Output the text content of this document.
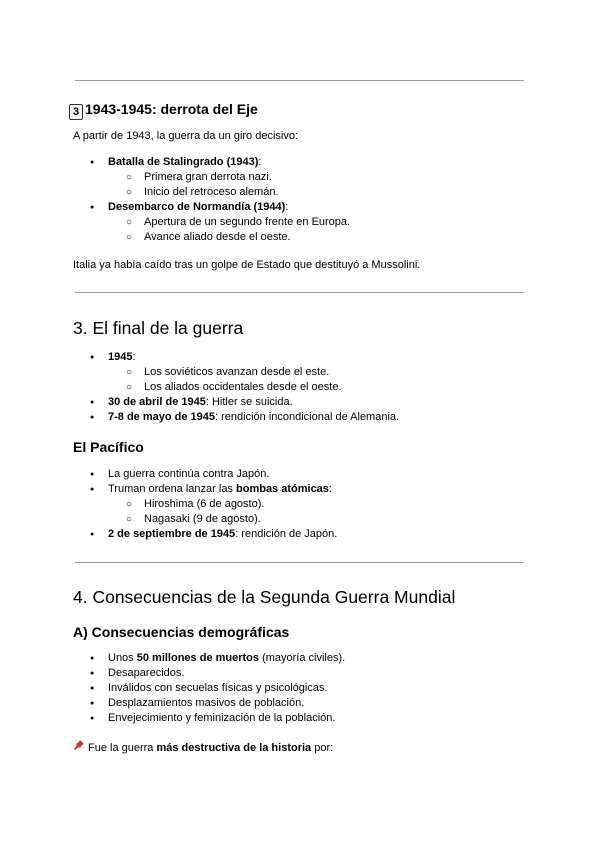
3 1943-1945: derrota del Eje
A partir de 1943, la guerra da un giro decisivo:
● Batalla de Stalingrado (1943):
○ Primera gran derrota nazi.
○ Inicio del retroceso alemán.
● Desembarco de Normandía (1944):
○ Apertura de un segundo frente en Europa.
○ Avance aliado desde el oeste.
Italia ya había caído tras un golpe de Estado que destituyó a Mussolini.
3. El final de la guerra
● 1945:
○ Los soviéticos avanzan desde el este.
○ Los aliados occidentales desde el oeste.
● 30 de abril de 1945: Hitler se suicida.
● 7-8 de mayo de 1945: rendición incondicional de Alemania.
El Pacífico
● La guerra continúa contra Japón.
● Truman ordena lanzar las bombas atómicas:
○ Hiroshima (6 de agosto).
○ Nagasaki (9 de agosto).
● 2 de septiembre de 1945: rendición de Japón.
4. Consecuencias de la Segunda Guerra Mundial
A) Consecuencias demográficas
● Unos 50 millones de muertos (mayoría civiles).
● Desaparecidos.
● Inválidos con secuelas físicas y psicológicas.
● Desplazamientos masivos de población.
● Envejecimiento y feminización de la población.
Fue la guerra más destructiva de la historia por:
